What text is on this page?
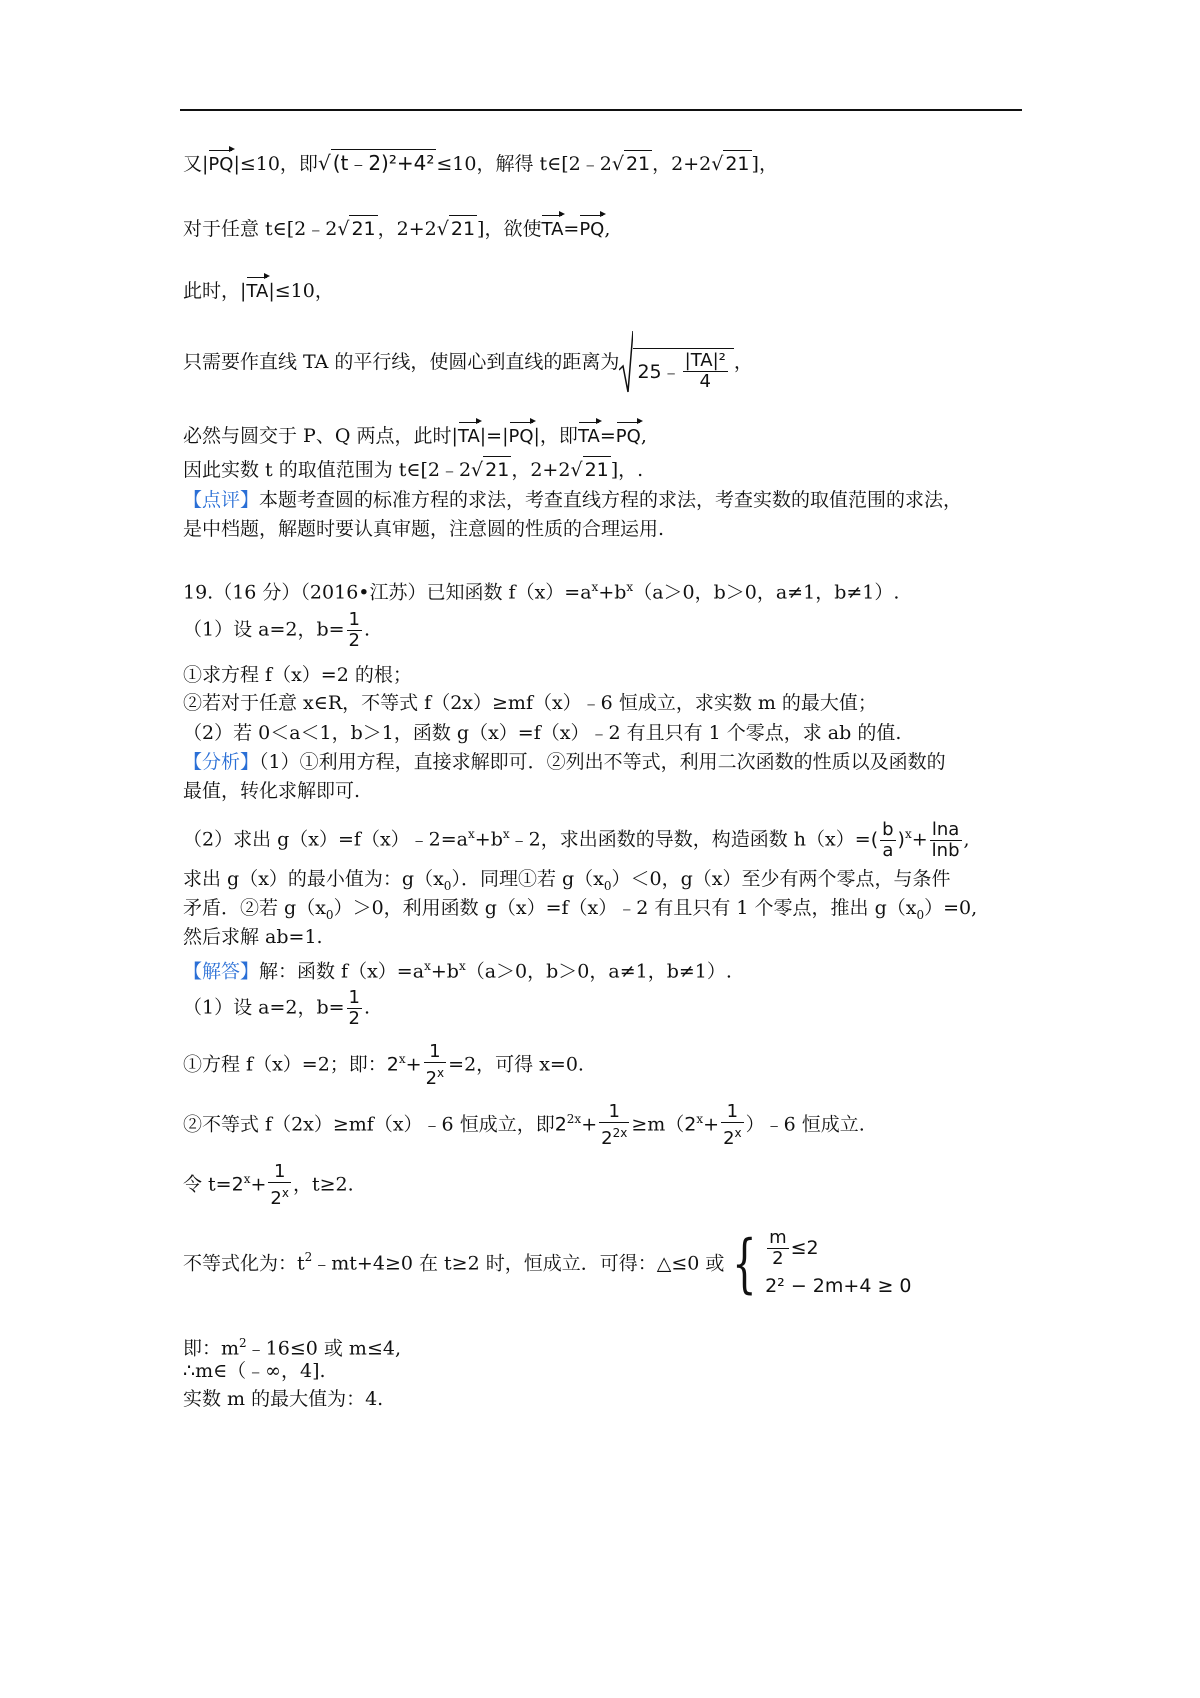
又|PQ|≤10，即√ (t﹣2)²+4² ≤10，解得 t∈[2﹣2√ 21 ，2+2√ 21 ]，
对于任意 t∈[2﹣2√ 21 ，2+2√ 21 ]，欲使TA=PQ,
此时，|TA|≤10，
只需要作直线 TA 的平行线，使圆心到直线的距离为 25﹣ $\frac{\text{|TA|²}}{4}$ ，
必然与圆交于 P、Q 两点，此时|TA|=|PQ|，即TA=PQ,
因此实数 t 的取值范围为 t∈[2﹣2√ 21 ，2+2√ 21 ]，.
【点评】本题考查圆的标准方程的求法，考查直线方程的求法，考查实数的取值范围的求法，
是中档题，解题时要认真审题，注意圆的性质的合理运用.
19.（16 分）（2016•江苏）已知函数 $f(x)=a^x+b^x(a>0$，b＞0，a≠1，b≠1）.
（1）设 a=2，$b= \frac{1}{2}$ .
①求方程 f（x）=2 的根；
②若对于任意 x∈R，不等式 f（2x）≥mf（x）﹣6 恒成立，求实数 m 的最大值；
（2）若 0＜a＜1，b＞1，函数 g（x）=f（x）﹣2 有且只有 1 个零点，求 ab 的值.
【分析】（1）①利用方程，直接求解即可．②列出不等式，利用二次函数的性质以及函数的
最值，转化求解即可.
（2）求出 $g(x)=f(x)﹣2=a^x+b^x﹣2$，求出函数的导数，构造函数 $h(x)=( \frac{b}{a} )^x+ \frac{\ln a}{\ln b}$ ,
求出 g（x）的最小值为：$g(x_0)$．同理①若 $g(x_0)<0$，g（x）至少有两个零点，与条件
矛盾．②若 $g(x_0)>0$，利用函数 g（x）=f（x）﹣2 有且只有 1 个零点，推出 $g(x_0)=0$,
然后求解 ab=1.
【解答】解：函数 $f(x)=a^x+b^x(a>0$，b＞0，a≠1，b≠1）.
（1）设 a=2，$b= \frac{1}{2}$ .
①方程 f（x）=2；即：$2^x+ \frac{1}{2^x} =2$，可得 x=0.
②不等式 f（2x）≥mf（x）﹣6 恒成立，即$2^{2x}+ \frac{1}{2^{2x}} \ge m(2^x+ \frac{1}{2^x}$ ）﹣6 恒成立.
令 $t=2^x+ \frac{1}{2^x}$ ，t≥2.
不等式化为：$t^2﹣mt+4\ge 0$ 在 t≥2 时，恒成立．可得：△≤0 或 { $\frac{m}{2} \le 2$
2² − 2m+4 ≥ 0
即：$m^2﹣16\le 0$ 或 m≤4,
∴m∈（﹣∞，4].
实数 m 的最大值为：4.
